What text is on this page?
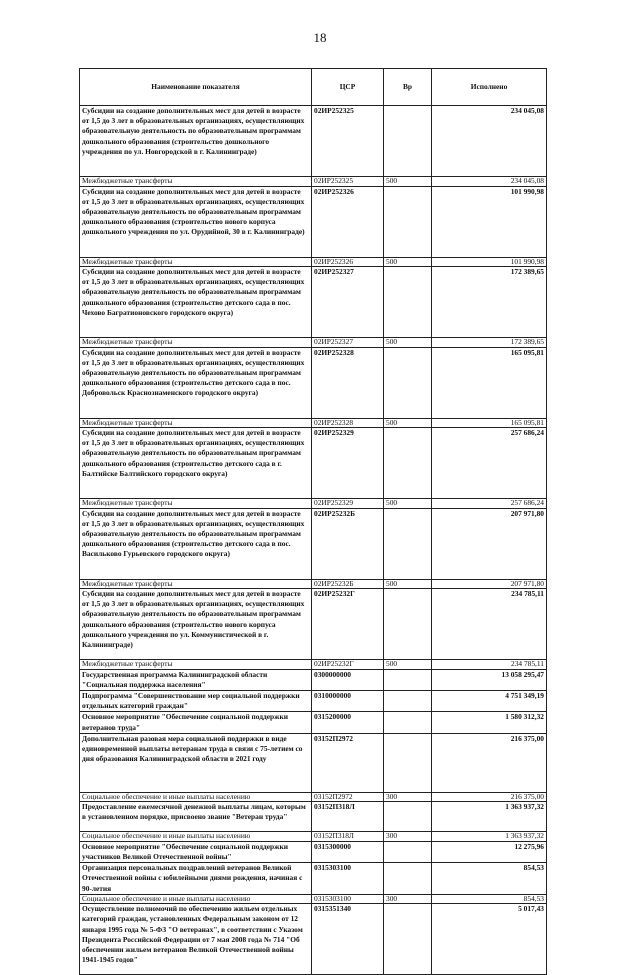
18
Наименование показателя	ЦСР	Вр	Исполнено
Субсидии на создание дополнительных мест для детей в возрасте от 1,5 до 3 лет в образовательных организациях, осуществляющих образовательную деятельность по образовательным программам дошкольного образования (строительство дошкольного учреждения по ул. Новгородской в г. Калининграде)	02ИР252325		234 045,08
Межбюджетные трансферты	02ИР252325	500	234 045,08
Субсидии на создание дополнительных мест для детей в возрасте от 1,5 до 3 лет в образовательных организациях, осуществляющих образовательную деятельность по образовательным программам дошкольного образования (строительство нового корпуса дошкольного учреждения по ул. Орудийной, 30 в г. Калининграде)	02ИР252326		101 990,98
Межбюджетные трансферты	02ИР252326	500	101 990,98
Субсидии на создание дополнительных мест для детей в возрасте от 1,5 до 3 лет в образовательных организациях, осуществляющих образовательную деятельность по образовательным программам дошкольного образования (строительство детского сада в пос. Чехово Багратионовского городского округа)	02ИР252327		172 389,65
Межбюджетные трансферты	02ИР252327	500	172 389,65
Субсидии на создание дополнительных мест для детей в возрасте от 1,5 до 3 лет в образовательных организациях, осуществляющих образовательную деятельность по образовательным программам дошкольного образования (строительство детского сада в пос. Добровольск Краснознаменского городского округа)	02ИР252328		165 095,81
Межбюджетные трансферты	02ИР252328	500	165 095,81
Субсидии на создание дополнительных мест для детей в возрасте от 1,5 до 3 лет в образовательных организациях, осуществляющих образовательную деятельность по образовательным программам дошкольного образования (строительство детского сада в г. Балтийске Балтийского городского округа)	02ИР252329		257 686,24
Межбюджетные трансферты	02ИР252329	500	257 686,24
Субсидии на создание дополнительных мест для детей в возрасте от 1,5 до 3 лет в образовательных организациях, осуществляющих образовательную деятельность по образовательным программам дошкольного образования (строительство детского сада в пос. Васильково Гурьевского городского округа)	02ИР25232Б		207 971,80
Межбюджетные трансферты	02ИР25232Б	500	207 971,80
Субсидии на создание дополнительных мест для детей в возрасте от 1,5 до 3 лет в образовательных организациях, осуществляющих образовательную деятельность по образовательным программам дошкольного образования (строительство нового корпуса дошкольного учреждения по ул. Коммунистической в г. Калининграде)	02ИР25232Г		234 785,11
Межбюджетные трансферты	02ИР25232Г	500	234 785,11
Государственная программа Калининградской области "Социальная поддержка населения"	0300000000		13 058 295,47
Подпрограмма "Совершенствование мер социальной поддержки отдельных категорий граждан"	0310000000		4 751 349,19
Основное мероприятие "Обеспечение социальной поддержки ветеранов труда"	0315200000		1 580 312,32
Дополнительная разовая мера социальной поддержки в виде единовременной выплаты ветеранам труда в связи с 75-летием со дня образования Калининградской области в 2021 году	03152П2972		216 375,00
Социальное обеспечение и иные выплаты населению	03152П2972	300	216 375,00
Предоставление ежемесячной денежной выплаты лицам, которым в установленном порядке, присвоено звание "Ветеран труда"	03152П318Л		1 363 937,32
Социальное обеспечение и иные выплаты населению	03152П318Л	300	1 363 937,32
Основное мероприятие "Обеспечение социальной поддержки участников Великой Отечественной войны"	0315300000		12 275,96
Организация персональных поздравлений ветеранов Великой Отечественной войны с юбилейными днями рождения, начиная с 90-летия	0315303100		854,53
Социальное обеспечение и иные выплаты населению	0315303100	300	854,53
Осуществление полномочий по обеспечению жильем отдельных категорий граждан, установленных Федеральным законом от 12 января 1995 года № 5-ФЗ "О ветеранах", в соответствии с Указом Президента Российской Федерации от 7 мая 2008 года № 714 "Об обеспечении жильем ветеранов Великой Отечественной войны 1941-1945 годов"	0315351340		5 017,43
